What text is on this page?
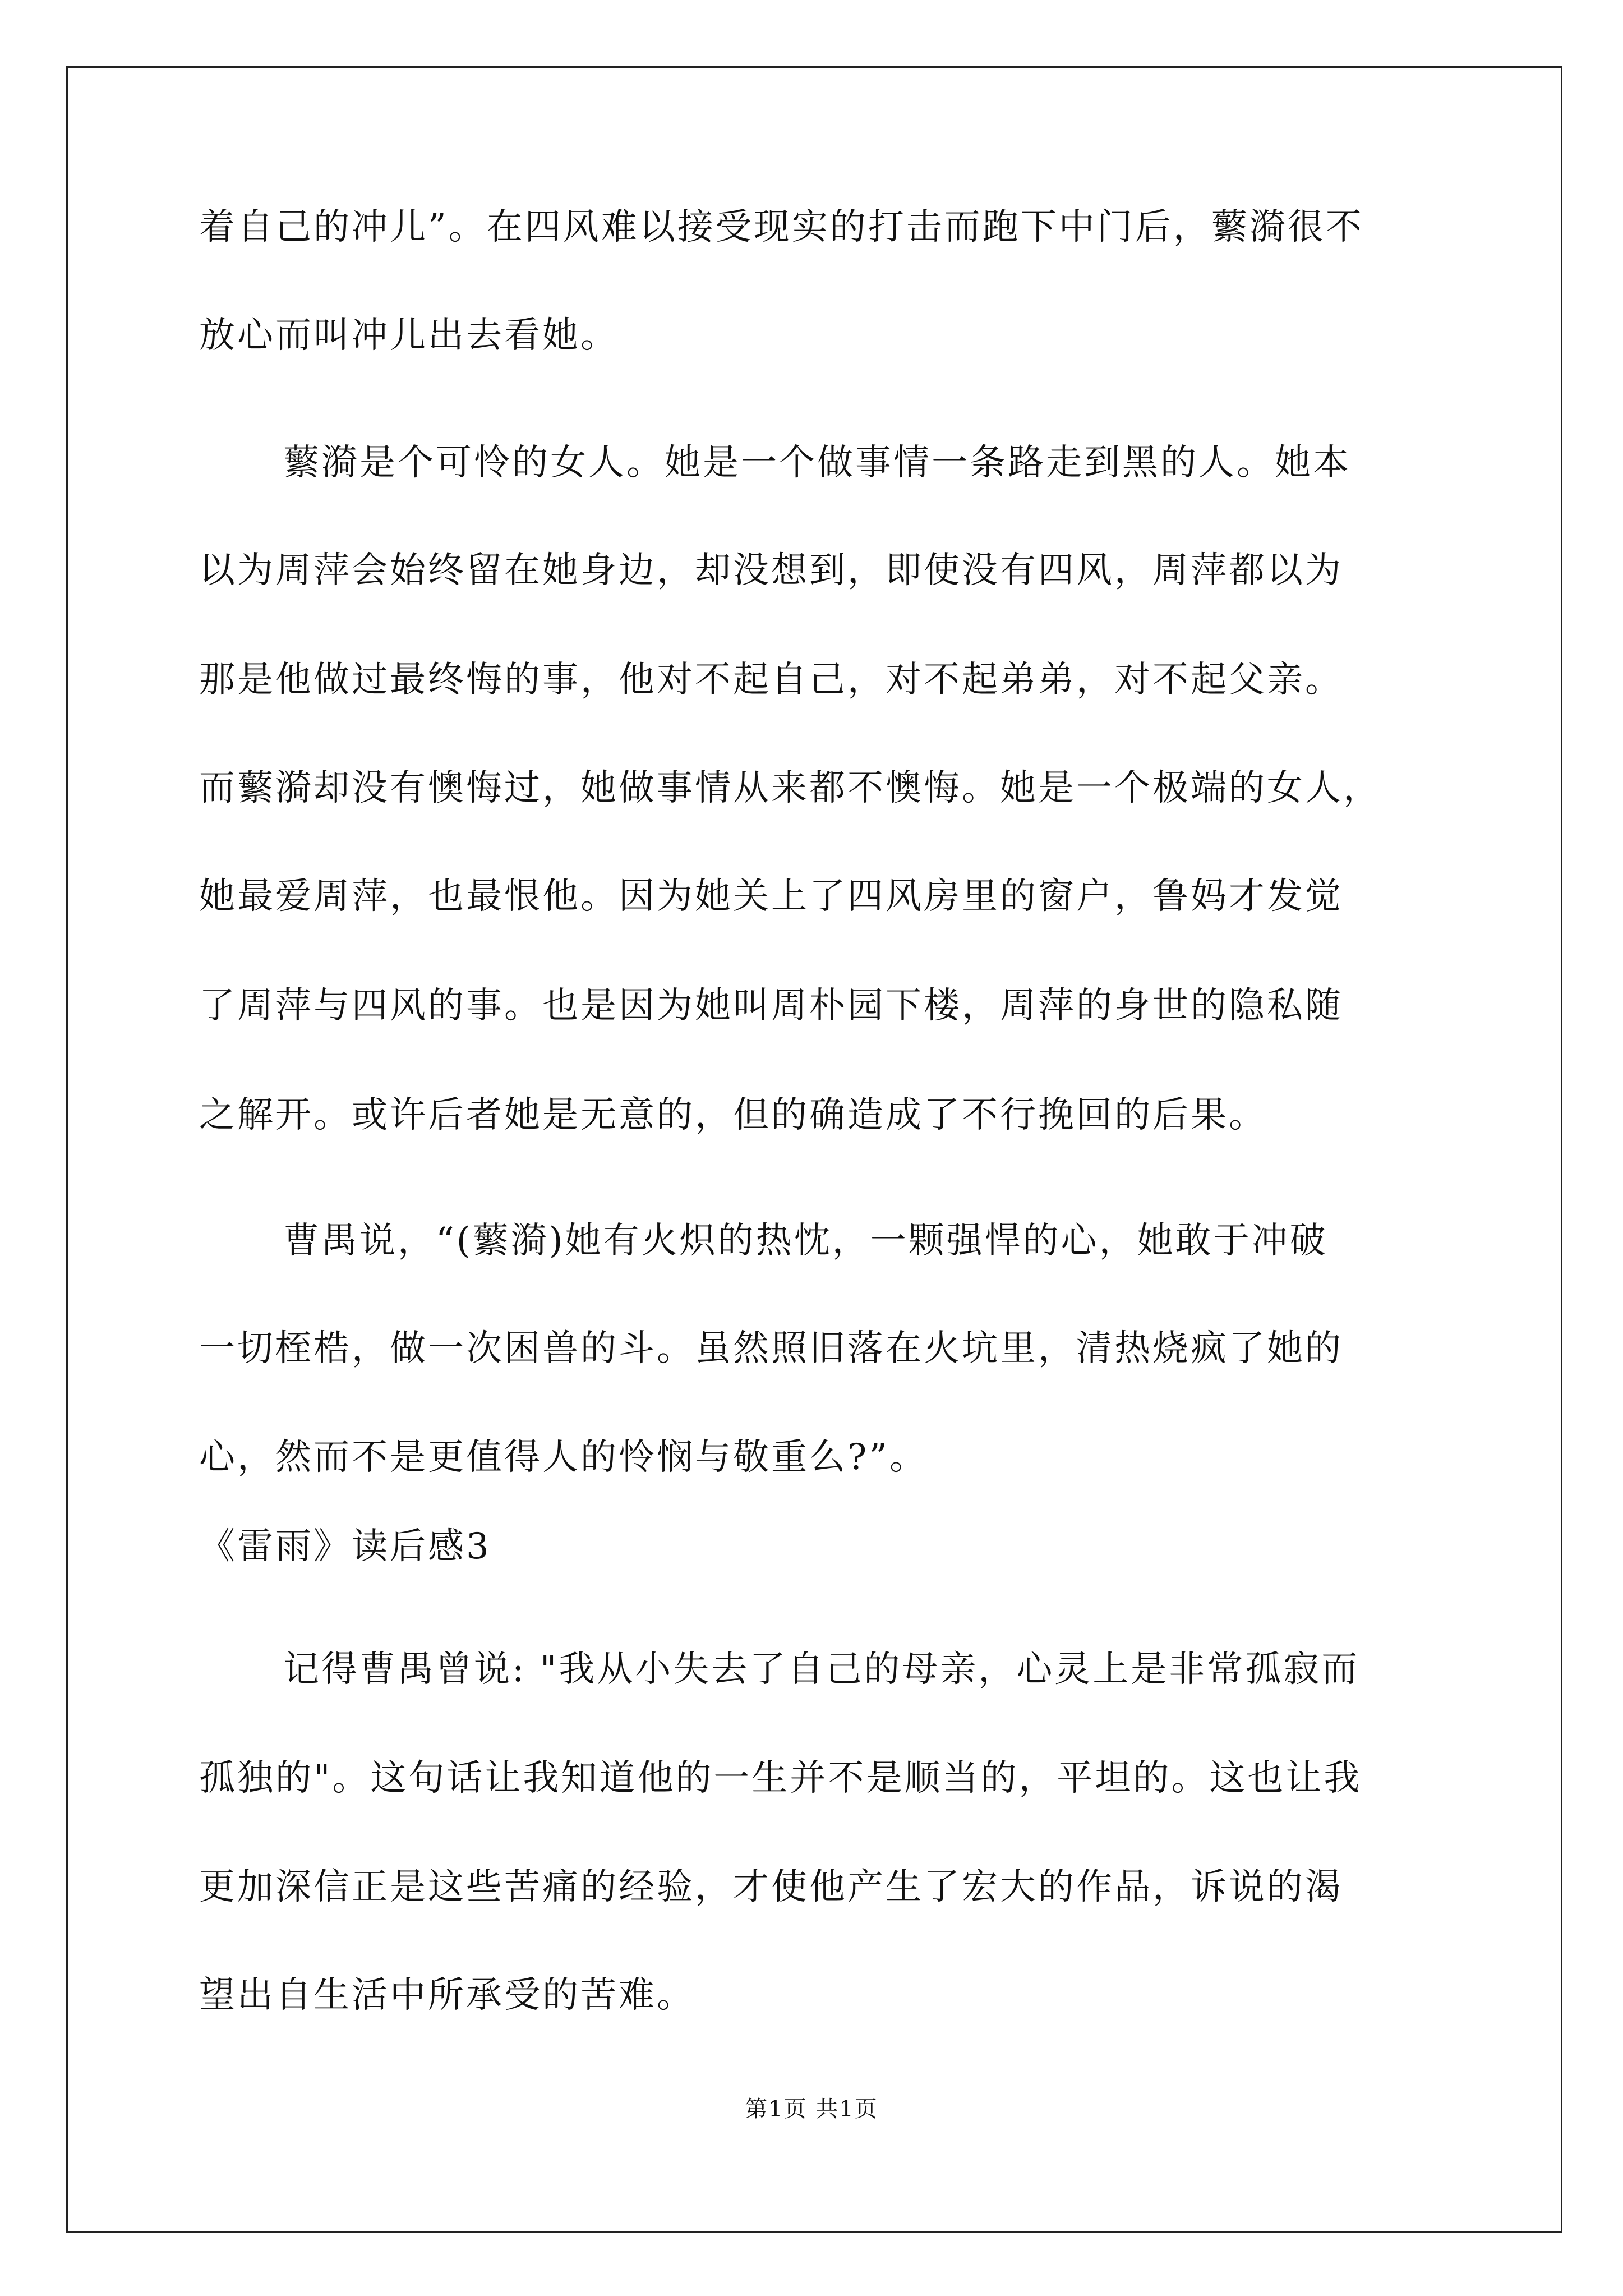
着自己的冲儿”。在四风难以接受现实的打击而跑下中门后，蘩漪很不
放心而叫冲儿出去看她。
蘩漪是个可怜的女人。她是一个做事情一条路走到黑的人。她本
以为周萍会始终留在她身边，却没想到，即使没有四风，周萍都以为
那是他做过最终悔的事，他对不起自己，对不起弟弟，对不起父亲。
而蘩漪却没有懊悔过，她做事情从来都不懊悔。她是一个极端的女人，
她最爱周萍，也最恨他。因为她关上了四风房里的窗户，鲁妈才发觉
了周萍与四风的事。也是因为她叫周朴园下楼，周萍的身世的隐私随
之解开。或许后者她是无意的，但的确造成了不行挽回的后果。
曹禺说，“(蘩漪)她有火炽的热忱，一颗强悍的心，她敢于冲破
一切桎梏，做一次困兽的斗。虽然照旧落在火坑里，清热烧疯了她的
心，然而不是更值得人的怜悯与敬重么?”。
《雷雨》读后感3
记得曹禺曾说: "我从小失去了自己的母亲，心灵上是非常孤寂而
孤独的"。这句话让我知道他的一生并不是顺当的，平坦的。这也让我
更加深信正是这些苦痛的经验，才使他产生了宏大的作品，诉说的渴
望出自生活中所承受的苦难。
第1页 共1页
